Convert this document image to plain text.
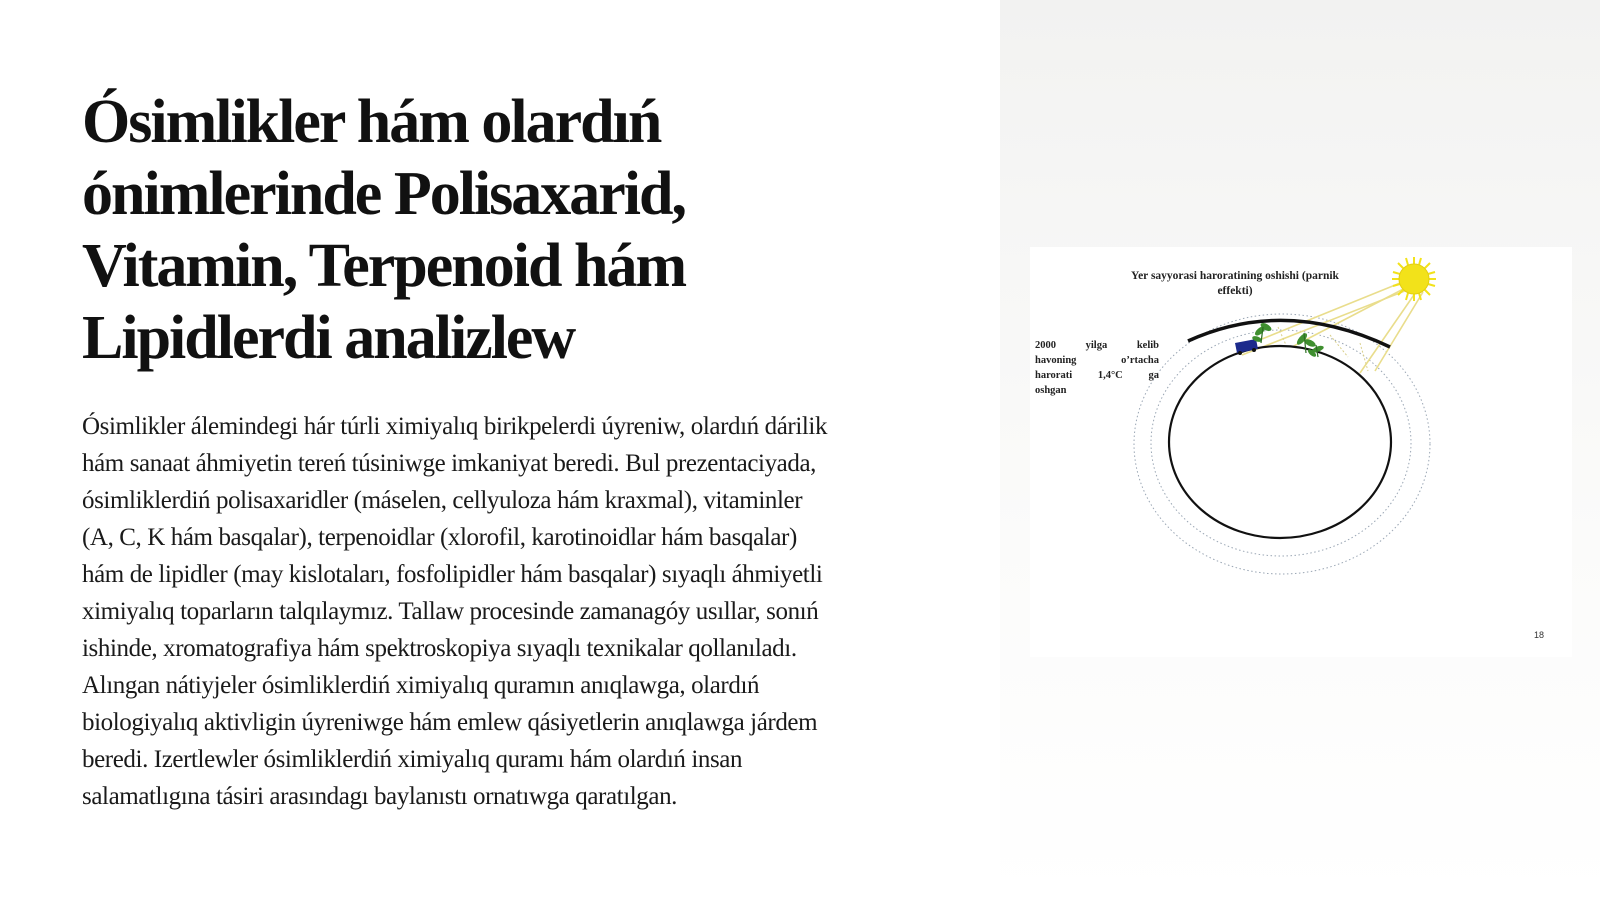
Ósimlikler hám olardıń
ónimlerinde Polisaxarid,
Vitamin, Terpenoid hám
Lipidlerdi analizlew
Ósimlikler álemindegi hár túrli ximiyalıq birikpelerdi úyreniw, olardıń dárilik
hám sanaat áhmiyetin tereń túsiniwge imkaniyat beredi. Bul prezentaciyada,
ósimliklerdiń polisaxaridler (máselen, cellyuloza hám kraxmal), vitaminler
(A, C, K hám basqalar), terpenoidlar (xlorofil, karotinoidlar hám basqalar)
hám de lipidler (may kislotaları, fosfolipidler hám basqalar) sıyaqlı áhmiyetli
ximiyalıq toparların talqılaymız. Tallaw procesinde zamanagóy usıllar, sonıń
ishinde, xromatografiya hám spektroskopiya sıyaqlı texnikalar qollanıladı.
Alıngan nátiyjeler ósimliklerdiń ximiyalıq quramın anıqlawga, olardıń
biologiyalıq aktivligin úyreniwge hám emlew qásiyetlerin anıqlawga járdem
beredi. Izertlewler ósimliklerdiń ximiyalıq quramı hám olardıń insan
salamatlıgına tásiri arasındagı baylanıstı ornatıwga qaratılgan.
Yer sayyorasi haroratining oshishi (parnik
effekti)
2000 yilga kelib
havoning o’rtacha
harorati 1,4°C ga
oshgan
18
